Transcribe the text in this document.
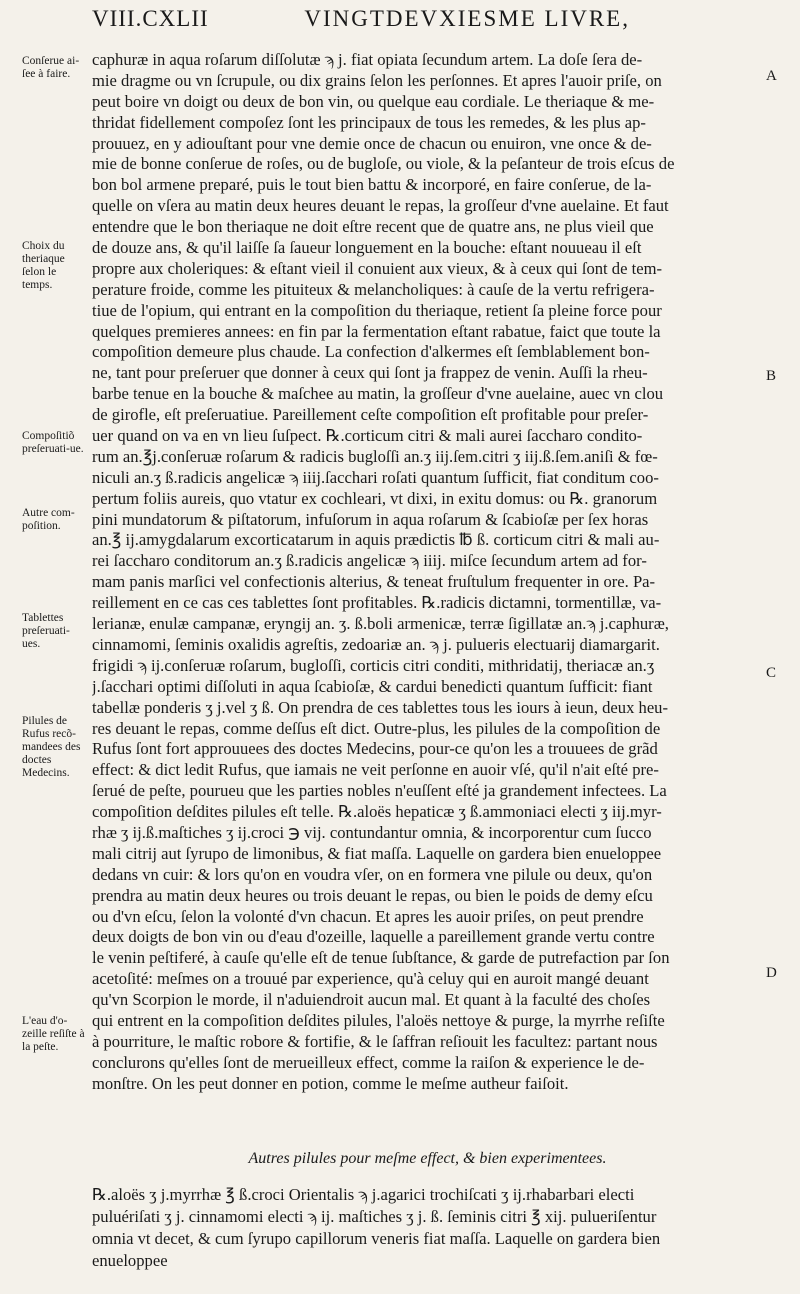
VIII.CXLII	VINGTDEVXIESME LIVRE,
caphuræ in aqua roſarum diſſolutæ ϡ j. fiat opiata ſecundum artem. La doſe ſera de-
mie dragme ou vn ſcrupule, ou dix grains ſelon les perſonnes. Et apres l'auoir priſe, on
peut boire vn doigt ou deux de bon vin, ou quelque eau cordiale. Le theriaque & me-
thridat fidellement compoſez ſont les principaux de tous les remedes, & les plus ap-
prouuez, en y adiouſtant pour vne demie once de chacun ou enuiron, vne once & de-
mie de bonne conſerue de roſes, ou de bugloſe, ou viole, & la peſanteur de trois eſcus de
bon bol armene preparé, puis le tout bien battu & incorporé, en faire conſerue, de la-
quelle on vſera au matin deux heures deuant le repas, la groſſeur d'vne auelaine. Et faut
entendre que le bon theriaque ne doit eſtre recent que de quatre ans, ne plus vieil que
de douze ans, & qu'il laiſſe ſa ſaueur longuement en la bouche: eſtant nouueau il eſt
propre aux choleriques: & eſtant vieil il conuient aux vieux, & à ceux qui ſont de tem-
perature froide, comme les pituiteux & melancholiques: à cauſe de la vertu refrigera-
tiue de l'opium, qui entrant en la compoſition du theriaque, retient ſa pleine force pour
quelques premieres annees: en fin par la fermentation eſtant rabatue, faict que toute la
compoſition demeure plus chaude. La confection d'alkermes eſt ſemblablement bon-
ne, tant pour preſeruer que donner à ceux qui ſont ja frappez de venin. Auſſi la rheu-
barbe tenue en la bouche & maſchee au matin, la groſſeur d'vne auelaine, auec vn clou
de girofle, eſt preſeruatiue. Pareillement ceſte compoſition eſt profitable pour preſer-
uer quand on va en vn lieu ſuſpect. ℞.corticum citri & mali aurei ſaccharo condito-
rum an.℥j.conſeruæ roſarum & radicis bugloſſi an.ʒ iij.ſem.citri ʒ iij.ß.ſem.aniſi & fœ-
niculi an.ʒ ß.radicis angelicæ ϡ iiij.ſacchari roſati quantum ſufficit, fiat conditum coo-
pertum foliis aureis, quo vtatur ex cochleari, vt dixi, in exitu domus: ou ℞. granorum
pini mundatorum & piſtatorum, infuſorum in aqua roſarum & ſcabioſæ per ſex horas
an.℥ ij.amygdalarum excorticatarum in aquis prædictis ℔ ß. corticum citri & mali au-
rei ſaccharo conditorum an.ʒ ß.radicis angelicæ ϡ iiij. miſce ſecundum artem ad for-
mam panis marſici vel confectionis alterius, & teneat fruſtulum frequenter in ore. Pa-
reillement en ce cas ces tablettes ſont profitables. ℞.radicis dictamni, tormentillæ, va-
lerianæ, enulæ campanæ, eryngij an. ʒ. ß.boli armenicæ, terræ ſigillatæ an.ϡ j.caphuræ,
cinnamomi, ſeminis oxalidis agreſtis, zedoariæ an. ϡ j. pulueris electuarij diamargarit.
frigidi ϡ ij.conſeruæ roſarum, bugloſſi, corticis citri conditi, mithridatij, theriacæ an.ʒ
j.ſacchari optimi diſſoluti in aqua ſcabioſæ, & cardui benedicti quantum ſufficit: fiant
tabellæ ponderis ʒ j.vel ʒ ß. On prendra de ces tablettes tous les iours à ieun, deux heu-
res deuant le repas, comme deſſus eſt dict. Outre-plus, les pilules de la compoſition de
Rufus ſont fort approuuees des doctes Medecins, pour-ce qu'on les a trouuees de grãd
effect: & dict ledit Rufus, que iamais ne veit perſonne en auoir vſé, qu'il n'ait eſté pre-
ſerué de peſte, pourueu que les parties nobles n'euſſent eſté ja grandement infectees. La
compoſition deſdites pilules eſt telle. ℞.aloës hepaticæ ʒ ß.ammoniaci electi ʒ iij.myr-
rhæ ʒ ij.ß.maſtiches ʒ ij.croci ℈ vij. contundantur omnia, & incorporentur cum ſucco
mali citrij aut ſyrupo de limonibus, & fiat maſſa. Laquelle on gardera bien enueloppee
dedans vn cuir: & lors qu'on en voudra vſer, on en formera vne pilule ou deux, qu'on
prendra au matin deux heures ou trois deuant le repas, ou bien le poids de demy eſcu
ou d'vn eſcu, ſelon la volonté d'vn chacun. Et apres les auoir priſes, on peut prendre
deux doigts de bon vin ou d'eau d'ozeille, laquelle a pareillement grande vertu contre
le venin peſtiferé, à cauſe qu'elle eſt de tenue ſubſtance, & garde de putrefaction par ſon
acetoſité: meſmes on a trouué par experience, qu'à celuy qui en auroit mangé deuant
qu'vn Scorpion le morde, il n'aduiendroit aucun mal. Et quant à la faculté des choſes
qui entrent en la compoſition deſdites pilules, l'aloës nettoye & purge, la myrrhe reſiſte
à pourriture, le maſtic robore & fortifie, & le ſaffran reſiouit les facultez: partant nous
conclurons qu'elles ſont de merueilleux effect, comme la raiſon & experience le de-
monſtre. On les peut donner en potion, comme le meſme autheur faiſoit.
Autres pilules pour meſme effect, & bien experimentees.
℞.aloës ʒ j.myrrhæ ℥ ß.croci Orientalis ϡ j.agarici trochiſcati ʒ ij.rhabarbari electi
puluériſati ʒ j. cinnamomi electi ϡ ij. maſtiches ʒ j. ß. ſeminis citri ℥ xij. pulueriſentur
omnia vt decet, & cum ſyrupo capillorum veneris fiat maſſa. Laquelle on gardera bien
enueloppee
Conſerue ai-ſee à faire.
Choix du theriaque ſelon le temps.
Compoſitiõ preſeruati-ue.
Autre com-poſition.
Tablettes preſeruati-ues.
Pilules de Rufus recõ-mandees des doctes Medecins.
L'eau d'o-zeille reſiſte à la peſte.
A
B
C
D
